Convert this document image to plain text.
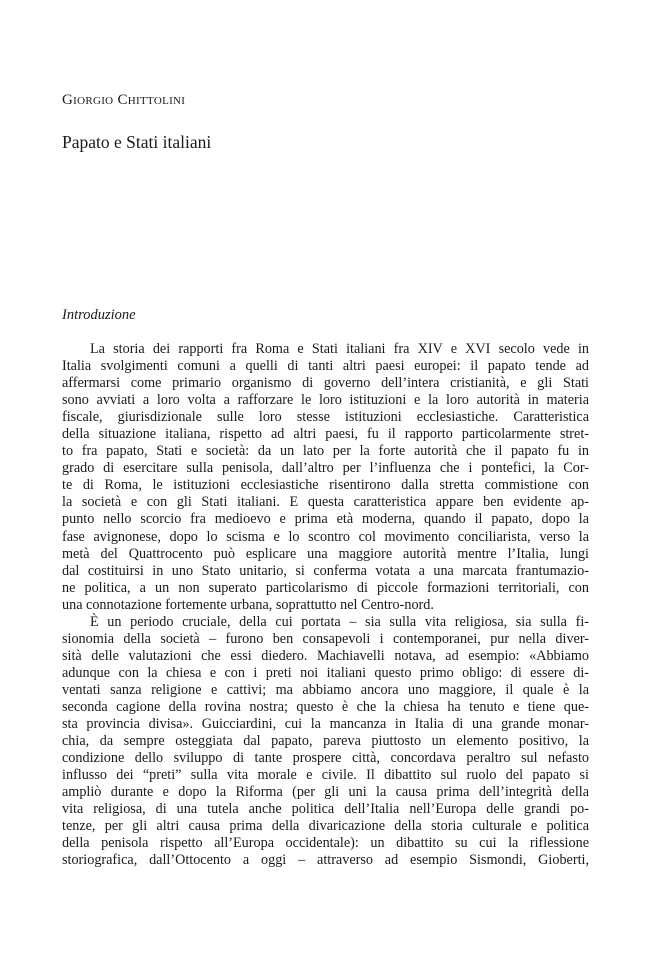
Giorgio Chittolini
Papato e Stati italiani
Introduzione
La storia dei rapporti fra Roma e Stati italiani fra XIV e XVI secolo vede in
Italia svolgimenti comuni a quelli di tanti altri paesi europei: il papato tende ad
affermarsi come primario organismo di governo dell’intera cristianità, e gli Stati
sono avviati a loro volta a rafforzare le loro istituzioni e la loro autorità in materia
fiscale, giurisdizionale sulle loro stesse istituzioni ecclesiastiche. Caratteristica
della situazione italiana, rispetto ad altri paesi, fu il rapporto particolarmente stret-
to fra papato, Stati e società: da un lato per la forte autorità che il papato fu in
grado di esercitare sulla penisola, dall’altro per l’influenza che i pontefici, la Cor-
te di Roma, le istituzioni ecclesiastiche risentirono dalla stretta commistione con
la società e con gli Stati italiani. E questa caratteristica appare ben evidente ap-
punto nello scorcio fra medioevo e prima età moderna, quando il papato, dopo la
fase avignonese, dopo lo scisma e lo scontro col movimento conciliarista, verso la
metà del Quattrocento può esplicare una maggiore autorità mentre l’Italia, lungi
dal costituirsi in uno Stato unitario, si conferma votata a una marcata frantumazio-
ne politica, a un non superato particolarismo di piccole formazioni territoriali, con
una connotazione fortemente urbana, soprattutto nel Centro-nord.
È un periodo cruciale, della cui portata – sia sulla vita religiosa, sia sulla fi-
sionomia della società – furono ben consapevoli i contemporanei, pur nella diver-
sità delle valutazioni che essi diedero. Machiavelli notava, ad esempio: «Abbiamo
adunque con la chiesa e con i preti noi italiani questo primo obligo: di essere di-
ventati sanza religione e cattivi; ma abbiamo ancora uno maggiore, il quale è la
seconda cagione della rovina nostra; questo è che la chiesa ha tenuto e tiene que-
sta provincia divisa». Guicciardini, cui la mancanza in Italia di una grande monar-
chia, da sempre osteggiata dal papato, pareva piuttosto un elemento positivo, la
condizione dello sviluppo di tante prospere città, concordava peraltro sul nefasto
influsso dei “preti” sulla vita morale e civile. Il dibattito sul ruolo del papato si
ampliò durante e dopo la Riforma (per gli uni la causa prima dell’integrità della
vita religiosa, di una tutela anche politica dell’Italia nell’Europa delle grandi po-
tenze, per gli altri causa prima della divaricazione della storia culturale e politica
della penisola rispetto all’Europa occidentale): un dibattito su cui la riflessione
storiografica, dall’Ottocento a oggi – attraverso ad esempio Sismondi, Gioberti,
